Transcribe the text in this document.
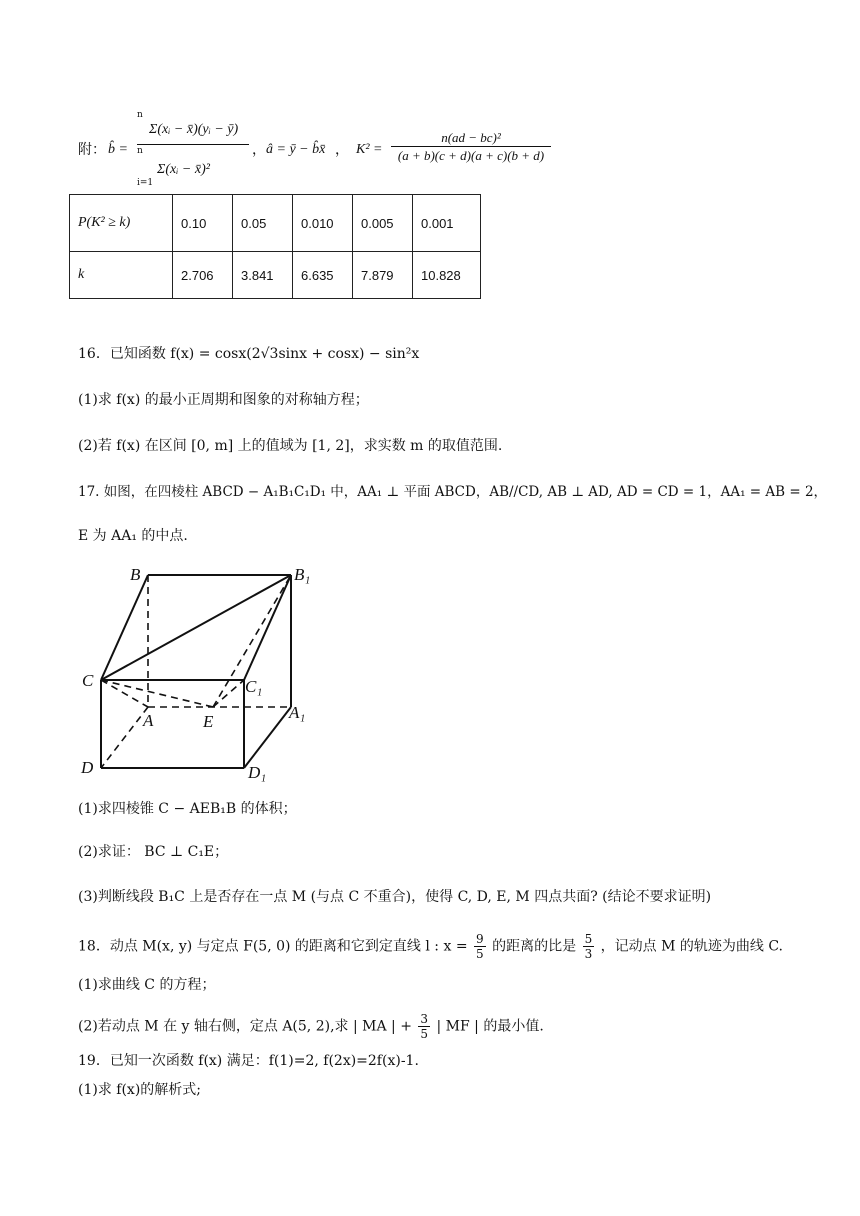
附： b̂ =
n
Σ(xᵢ − x̄)(yᵢ − ȳ)
n
Σ(xᵢ − x̄)²
i=1
， â = ȳ − b̂x̄ ， $K^2 = \frac{\text{n(ad − bc)²}}{(a + b)(c + d)(a + c)(b + d)}$
P(K² ≥ k)	0.10	0.05	0.010	0.005	0.001
k	2.706	3.841	6.635	7.879	10.828
16．已知函数 f(x) = cosx(2√3sinx + cosx) − sin²x
(1)求 f(x) 的最小正周期和图象的对称轴方程；
(2)若 f(x) 在区间 [0, m] 上的值域为 [1, 2]，求实数 m 的取值范围.
17. 如图，在四棱柱 ABCD − A₁B₁C₁D₁ 中，AA₁ ⊥ 平面 ABCD，AB//CD, AB ⊥ AD, AD = CD = 1，AA₁ = AB = 2，
E 为 AA₁ 的中点.
B	B₁
C	C₁
A	E	A₁
D	D₁
(1)求四棱锥 C − AEB₁B 的体积；
(2)求证： BC ⊥ C₁E；
(3)判断线段 B₁C 上是否存在一点 M (与点 C 不重合)，使得 C, D, E, M 四点共面? (结论不要求证明)
18．动点 M(x, y) 与定点 F(5, 0) 的距离和它到定直线 l : $x = \frac{9}{5}$ 的距离的比是 $\frac{5}{3}$ ，记动点 M 的轨迹为曲线 C.
(1)求曲线 C 的方程；
(2)若动点 M 在 y 轴右侧，定点 A(5, 2),求 | MA | + $\frac{3}{5}$ | MF | 的最小值.
19．已知一次函数 f(x) 满足：f(1)=2, f(2x)=2f(x)-1.
(1)求 f(x)的解析式;
